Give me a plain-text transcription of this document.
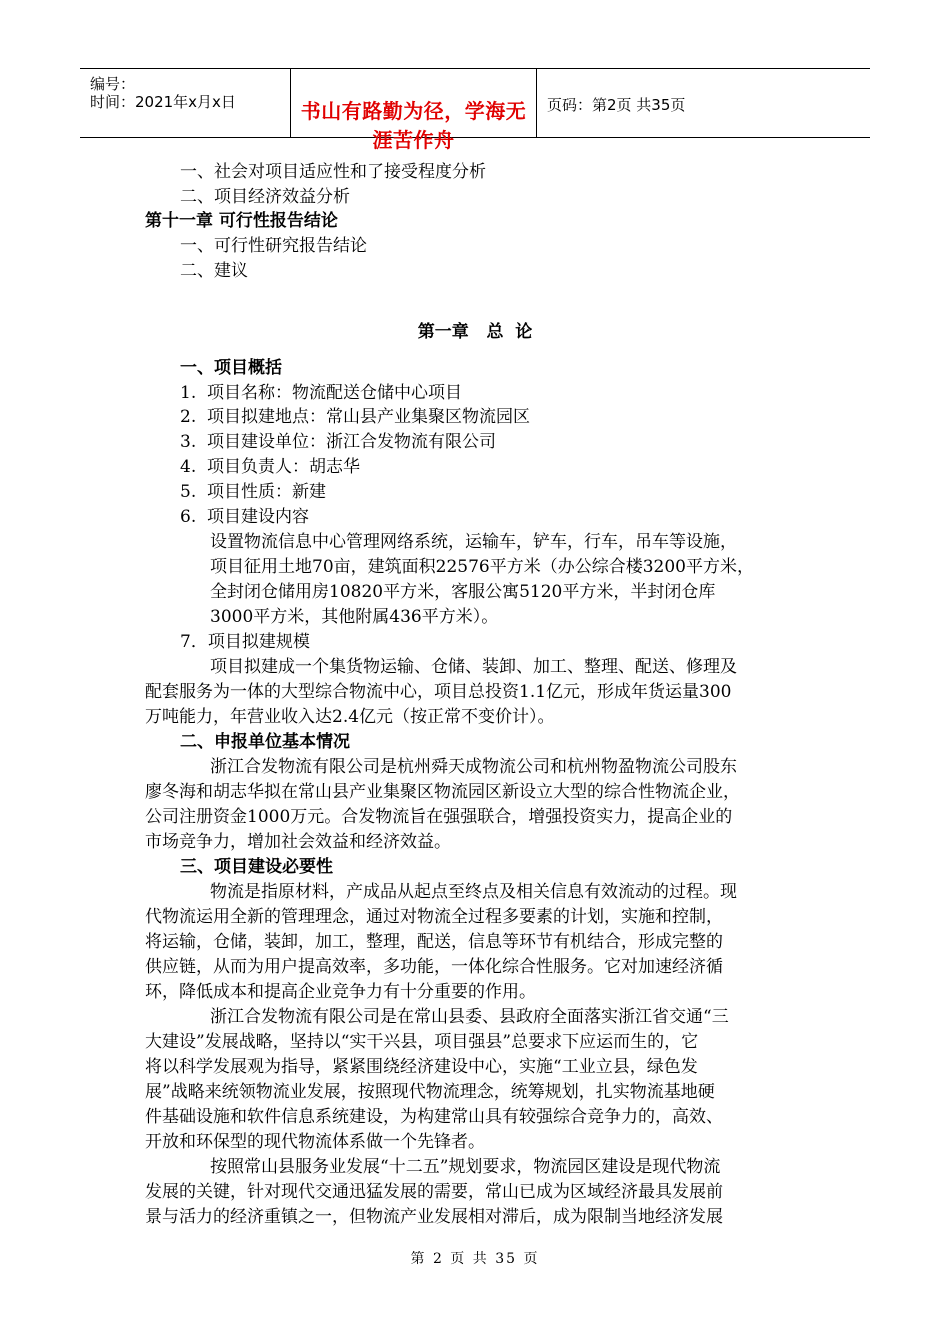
编号：
时间：2021年x月x日	书山有路勤为径，学海无涯苦作舟
页码：第2页 共35页
一、社会对项目适应性和了接受程度分析
二、项目经济效益分析
第十一章 可行性报告结论
一、可行性研究报告结论
二、建议
第一章   总  论
一、项目概括
1.  项目名称：物流配送仓储中心项目
2.  项目拟建地点：常山县产业集聚区物流园区
3.  项目建设单位：浙江合发物流有限公司
4.  项目负责人：胡志华
5.  项目性质：新建
6.  项目建设内容
设置物流信息中心管理网络系统，运输车，铲车，行车，吊车等设施，
项目征用土地70亩，建筑面积22576平方米（办公综合楼3200平方米，
全封闭仓储用房10820平方米，客服公寓5120平方米，半封闭仓库
3000平方米，其他附属436平方米）。
7．项目拟建规模
项目拟建成一个集货物运输、仓储、装卸、加工、整理、配送、修理及
配套服务为一体的大型综合物流中心，项目总投资1.1亿元，形成年货运量300
万吨能力，年营业收入达2.4亿元（按正常不变价计）。
二、申报单位基本情况
浙江合发物流有限公司是杭州舜天成物流公司和杭州物盈物流公司股东
廖冬海和胡志华拟在常山县产业集聚区物流园区新设立大型的综合性物流企业，
公司注册资金1000万元。合发物流旨在强强联合，增强投资实力，提高企业的
市场竞争力，增加社会效益和经济效益。
三、项目建设必要性
物流是指原材料，产成品从起点至终点及相关信息有效流动的过程。现
代物流运用全新的管理理念，通过对物流全过程多要素的计划，实施和控制，
将运输，仓储，装卸，加工，整理，配送，信息等环节有机结合，形成完整的
供应链，从而为用户提高效率，多功能，一体化综合性服务。它对加速经济循
环，降低成本和提高企业竞争力有十分重要的作用。
浙江合发物流有限公司是在常山县委、县政府全面落实浙江省交通“三
大建设”发展战略，坚持以“实干兴县，项目强县”总要求下应运而生的，它
将以科学发展观为指导，紧紧围绕经济建设中心，实施“工业立县，绿色发
展”战略来统领物流业发展，按照现代物流理念，统筹规划，扎实物流基地硬
件基础设施和软件信息系统建设，为构建常山具有较强综合竞争力的，高效、
开放和环保型的现代物流体系做一个先锋者。
按照常山县服务业发展“十二五”规划要求，物流园区建设是现代物流
发展的关键，针对现代交通迅猛发展的需要，常山已成为区域经济最具发展前
景与活力的经济重镇之一，但物流产业发展相对滞后，成为限制当地经济发展
第 2 页 共 35 页
